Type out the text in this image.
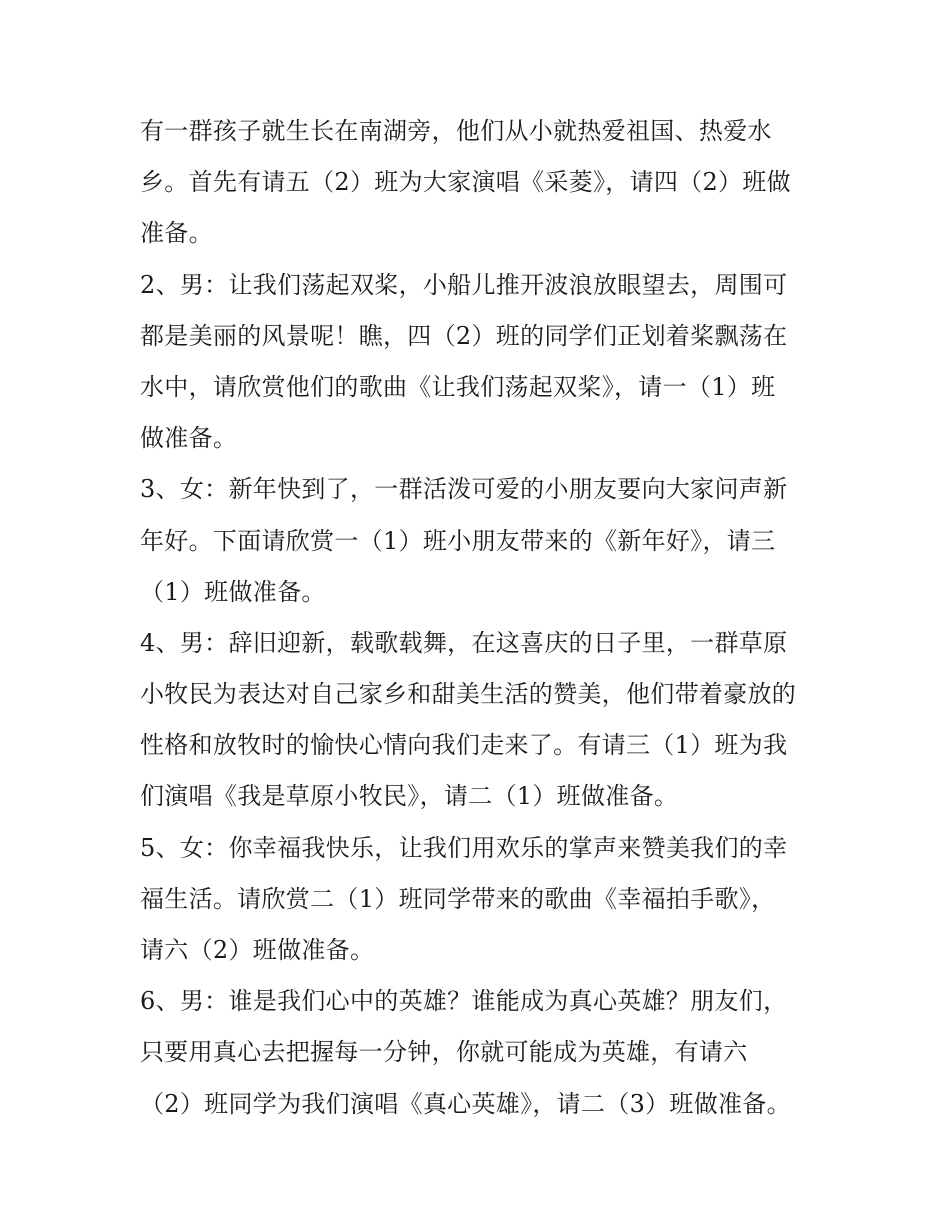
有一群孩子就生长在南湖旁，他们从小就热爱祖国、热爱水
乡。首先有请五（2）班为大家演唱《采菱》，请四（2）班做
准备。
2、男：让我们荡起双桨，小船儿推开波浪放眼望去，周围可
都是美丽的风景呢！瞧，四（2）班的同学们正划着桨飘荡在
水中，请欣赏他们的歌曲《让我们荡起双桨》，请一（1）班
做准备。
3、女：新年快到了，一群活泼可爱的小朋友要向大家问声新
年好。下面请欣赏一（1）班小朋友带来的《新年好》，请三
（1）班做准备。
4、男：辞旧迎新，载歌载舞，在这喜庆的日子里，一群草原
小牧民为表达对自己家乡和甜美生活的赞美，他们带着豪放的
性格和放牧时的愉快心情向我们走来了。有请三（1）班为我
们演唱《我是草原小牧民》，请二（1）班做准备。
5、女：你幸福我快乐，让我们用欢乐的掌声来赞美我们的幸
福生活。请欣赏二（1）班同学带来的歌曲《幸福拍手歌》，
请六（2）班做准备。
6、男：谁是我们心中的英雄？谁能成为真心英雄？朋友们，
只要用真心去把握每一分钟，你就可能成为英雄，有请六
（2）班同学为我们演唱《真心英雄》，请二（3）班做准备。
